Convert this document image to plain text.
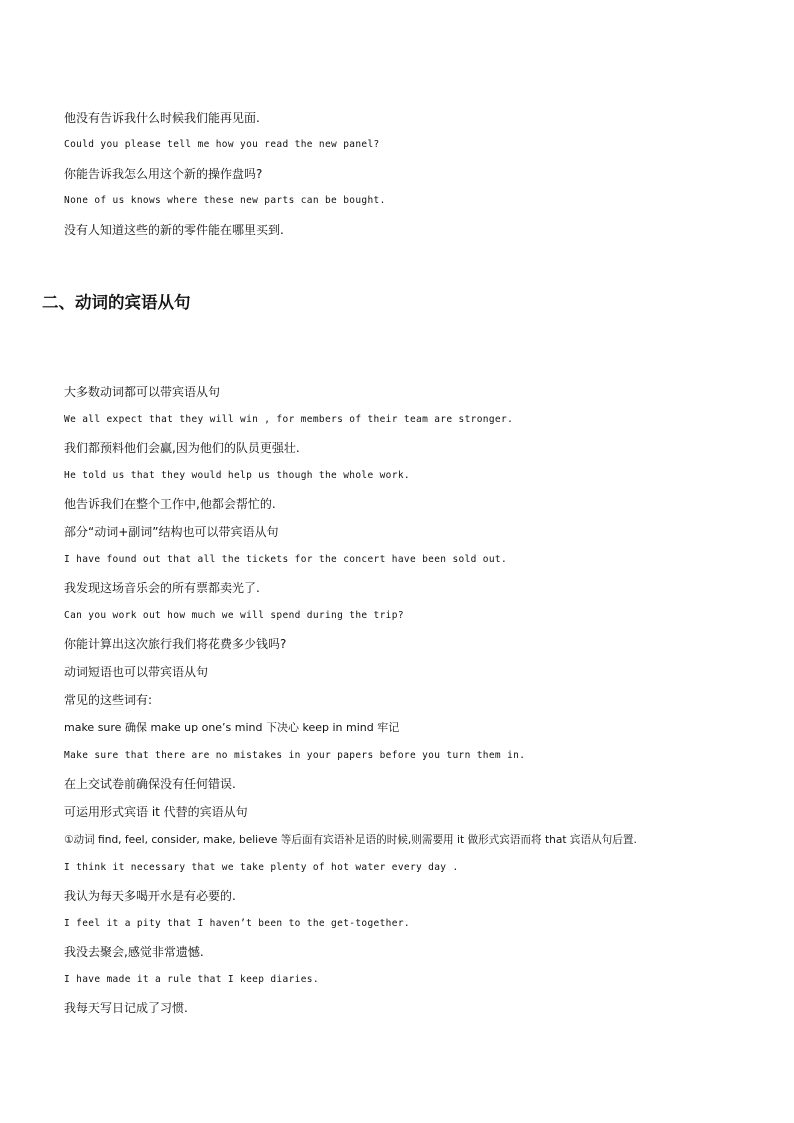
他没有告诉我什么时候我们能再见面.
Could you please tell me how you read the new panel?
你能告诉我怎么用这个新的操作盘吗?
None of us knows where these new parts can be bought.
没有人知道这些的新的零件能在哪里买到.
二、动词的宾语从句
大多数动词都可以带宾语从句
We all expect that they will win , for members of their team are stronger.
我们都预料他们会赢,因为他们的队员更强壮.
He told us that they would help us though the whole work.
他告诉我们在整个工作中,他都会帮忙的.
部分“动词+副词”结构也可以带宾语从句
I have found out that all the tickets for the concert have been sold out.
我发现这场音乐会的所有票都卖光了.
Can you work out how much we will spend during the trip?
你能计算出这次旅行我们将花费多少钱吗?
动词短语也可以带宾语从句
常见的这些词有:
make sure 确保 make up one’s mind 下决心 keep in mind 牢记
Make sure that there are no mistakes in your papers before you turn them in.
在上交试卷前确保没有任何错误.
可运用形式宾语 it 代替的宾语从句
①动词 find, feel, consider, make, believe 等后面有宾语补足语的时候,则需要用 it 做形式宾语而将 that 宾语从句后置.
I think it necessary that we take plenty of hot water every day .
我认为每天多喝开水是有必要的.
I feel it a pity that I haven’t been to the get-together.
我没去聚会,感觉非常遗憾.
I have made it a rule that I keep diaries.
我每天写日记成了习惯.
